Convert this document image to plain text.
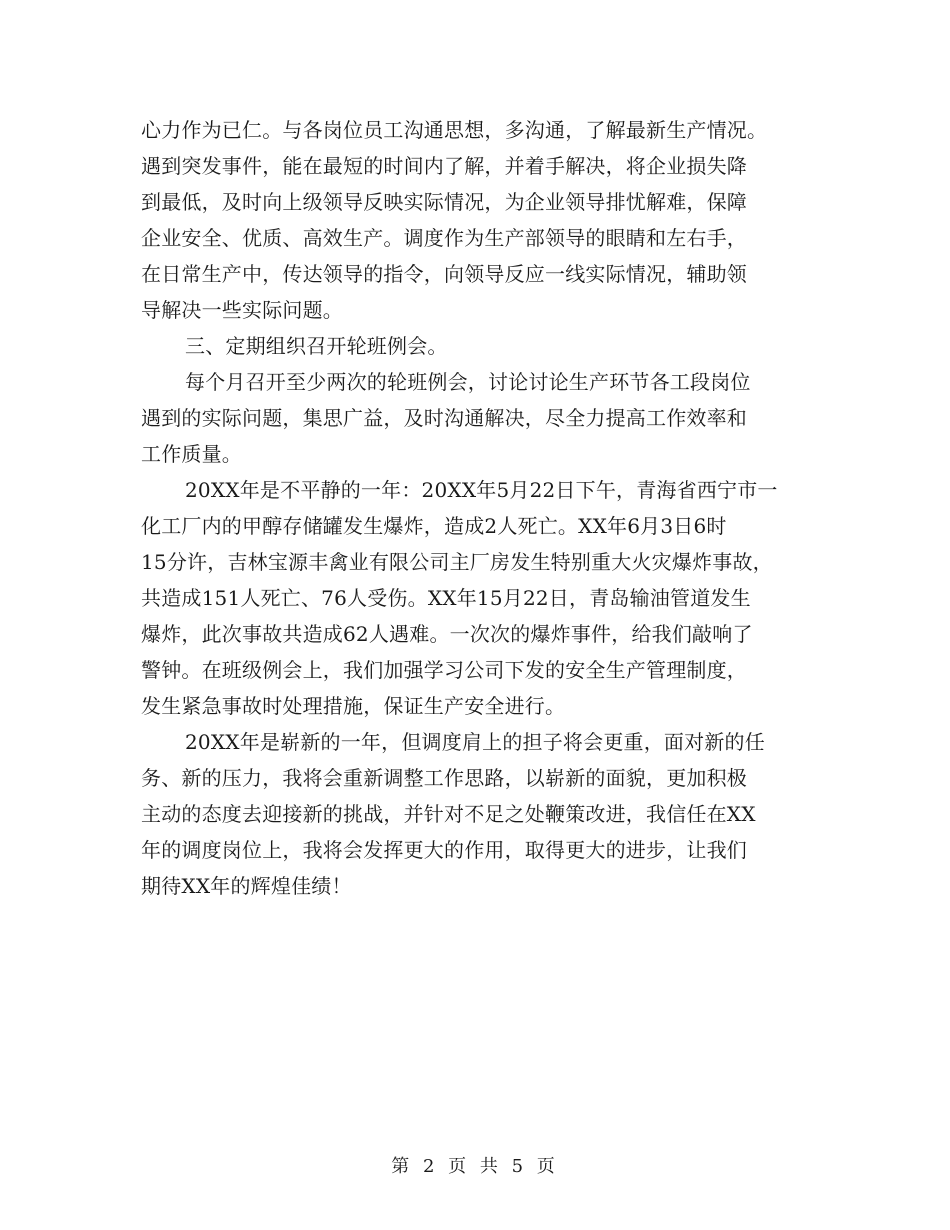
心力作为已仁。与各岗位员工沟通思想，多沟通，了解最新生产情况。
遇到突发事件，能在最短的时间内了解，并着手解决，将企业损失降
到最低，及时向上级领导反映实际情况，为企业领导排忧解难，保障
企业安全、优质、高效生产。调度作为生产部领导的眼睛和左右手，
在日常生产中，传达领导的指令，向领导反应一线实际情况，辅助领
导解决一些实际问题。
三、定期组织召开轮班例会。
每个月召开至少两次的轮班例会，讨论讨论生产环节各工段岗位
遇到的实际问题，集思广益，及时沟通解决，尽全力提高工作效率和
工作质量。
20XX年是不平静的一年：20XX年5月22日下午，青海省西宁市一
化工厂内的甲醇存储罐发生爆炸，造成2人死亡。XX年6月3日6时
15分许，吉林宝源丰禽业有限公司主厂房发生特别重大火灾爆炸事故，
共造成151人死亡、76人受伤。XX年15月22日，青岛输油管道发生
爆炸，此次事故共造成62人遇难。一次次的爆炸事件，给我们敲响了
警钟。在班级例会上，我们加强学习公司下发的安全生产管理制度，
发生紧急事故时处理措施，保证生产安全进行。
20XX年是崭新的一年，但调度肩上的担子将会更重，面对新的任
务、新的压力，我将会重新调整工作思路，以崭新的面貌，更加积极
主动的态度去迎接新的挑战，并针对不足之处鞭策改进，我信任在XX
年的调度岗位上，我将会发挥更大的作用，取得更大的进步，让我们
期待XX年的辉煌佳绩！
第 2 页 共 5 页
